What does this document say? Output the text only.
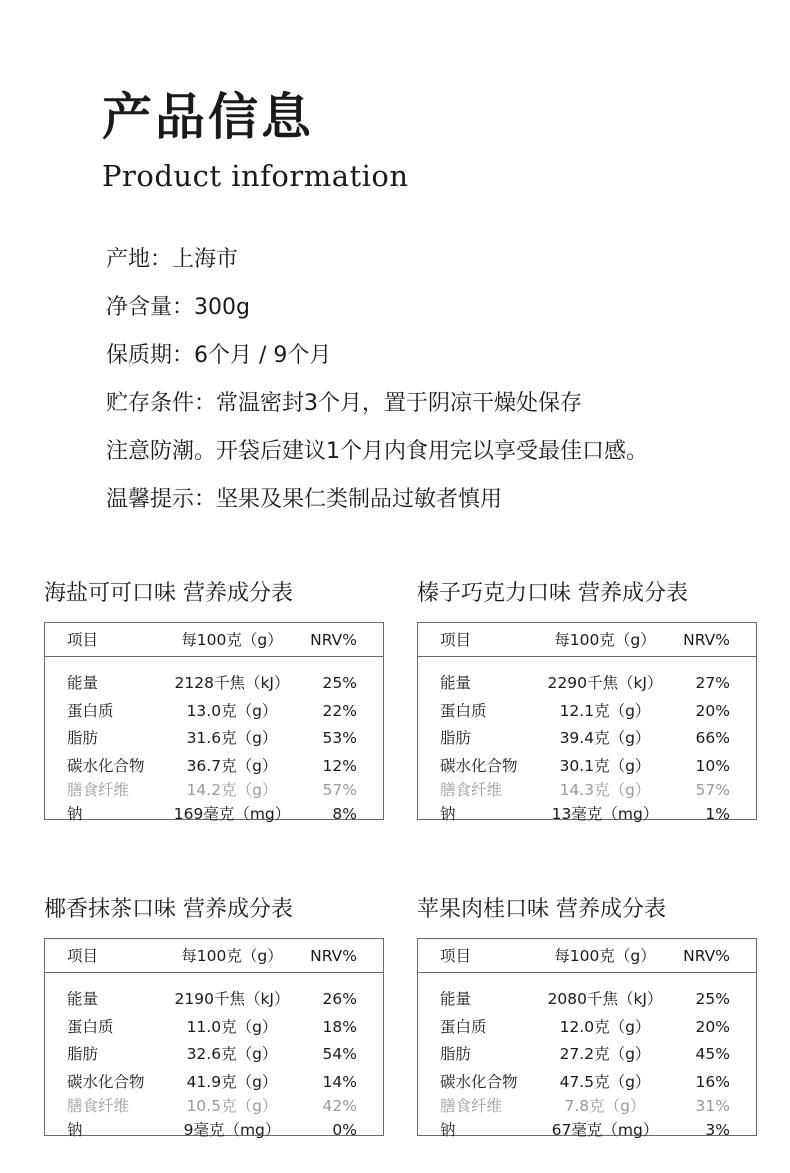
产品信息
Product information
产地：上海市
净含量：300g
保质期：6个月 / 9个月
贮存条件：常温密封3个月，置于阴凉干燥处保存
注意防潮。开袋后建议1个月内食用完以享受最佳口感。
温馨提示：坚果及果仁类制品过敏者慎用
海盐可可口味 营养成分表
项目	每100克（g）	NRV%
能量	2128千焦（kJ）	25%
蛋白质	13.0克（g）	22%
脂肪	31.6克（g）	53%
碳水化合物	36.7克（g）	12%
膳食纤维	14.2克（g）	57%
钠	169毫克（mg）	8%
榛子巧克力口味 营养成分表
项目	每100克（g）	NRV%
能量	2290千焦（kJ）	27%
蛋白质	12.1克（g）	20%
脂肪	39.4克（g）	66%
碳水化合物	30.1克（g）	10%
膳食纤维	14.3克（g）	57%
钠	13毫克（mg）	1%
椰香抹茶口味 营养成分表
项目	每100克（g）	NRV%
能量	2190千焦（kJ）	26%
蛋白质	11.0克（g）	18%
脂肪	32.6克（g）	54%
碳水化合物	41.9克（g）	14%
膳食纤维	10.5克（g）	42%
钠	9毫克（mg）	0%
苹果肉桂口味 营养成分表
项目	每100克（g）	NRV%
能量	2080千焦（kJ）	25%
蛋白质	12.0克（g）	20%
脂肪	27.2克（g）	45%
碳水化合物	47.5克（g）	16%
膳食纤维	7.8克（g）	31%
钠	67毫克（mg）	3%
